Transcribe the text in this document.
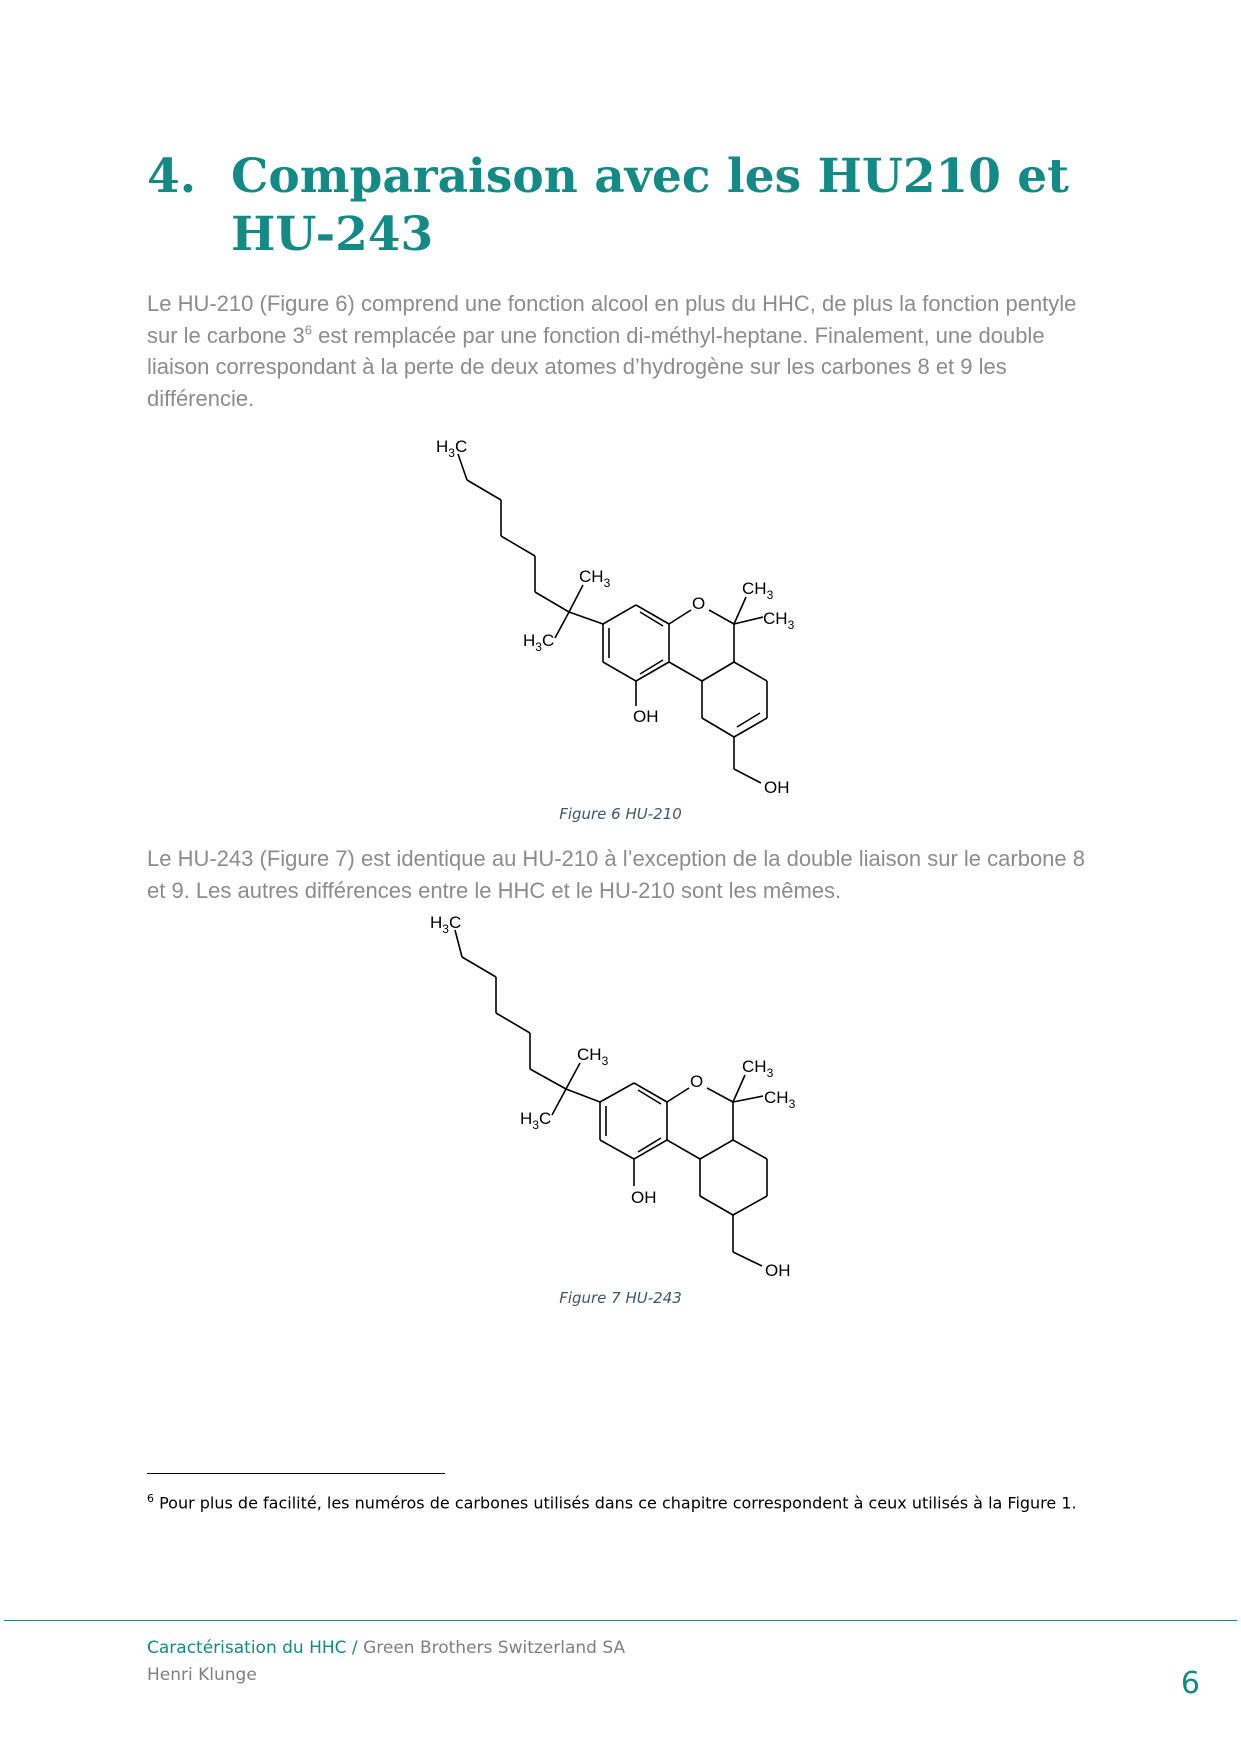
4. Comparaison avec les HU210 et HU-243

Le HU-210 (Figure 6) comprend une fonction alcool en plus du HHC, de plus la fonction pentyle sur le carbone $3^6$ est remplacée par une fonction di-méthyl-heptane. Finalement, une double liaison correspondant à la perte de deux atomes d’hydrogène sur les carbones 8 et 9 les différencie.

$H_3C$
$CH_3$
$H_3C$
O
$CH_3$
$CH_3$
OH
OH
Figure 6 HU-210

Le HU-243 (Figure 7) est identique au HU-210 à l’exception de la double liaison sur le carbone 8 et 9. Les autres différences entre le HHC et le HU-210 sont les mêmes.

$H_3C$
$CH_3$
$H_3C$
O
$CH_3$
$CH_3$
OH
OH
Figure 7 HU-243
$^6$ Pour plus de facilité, les numéros de carbones utilisés dans ce chapitre correspondent à ceux utilisés à la Figure 1.
Caractérisation du HHC / Green Brothers Switzerland SA
Henri Klunge	6
